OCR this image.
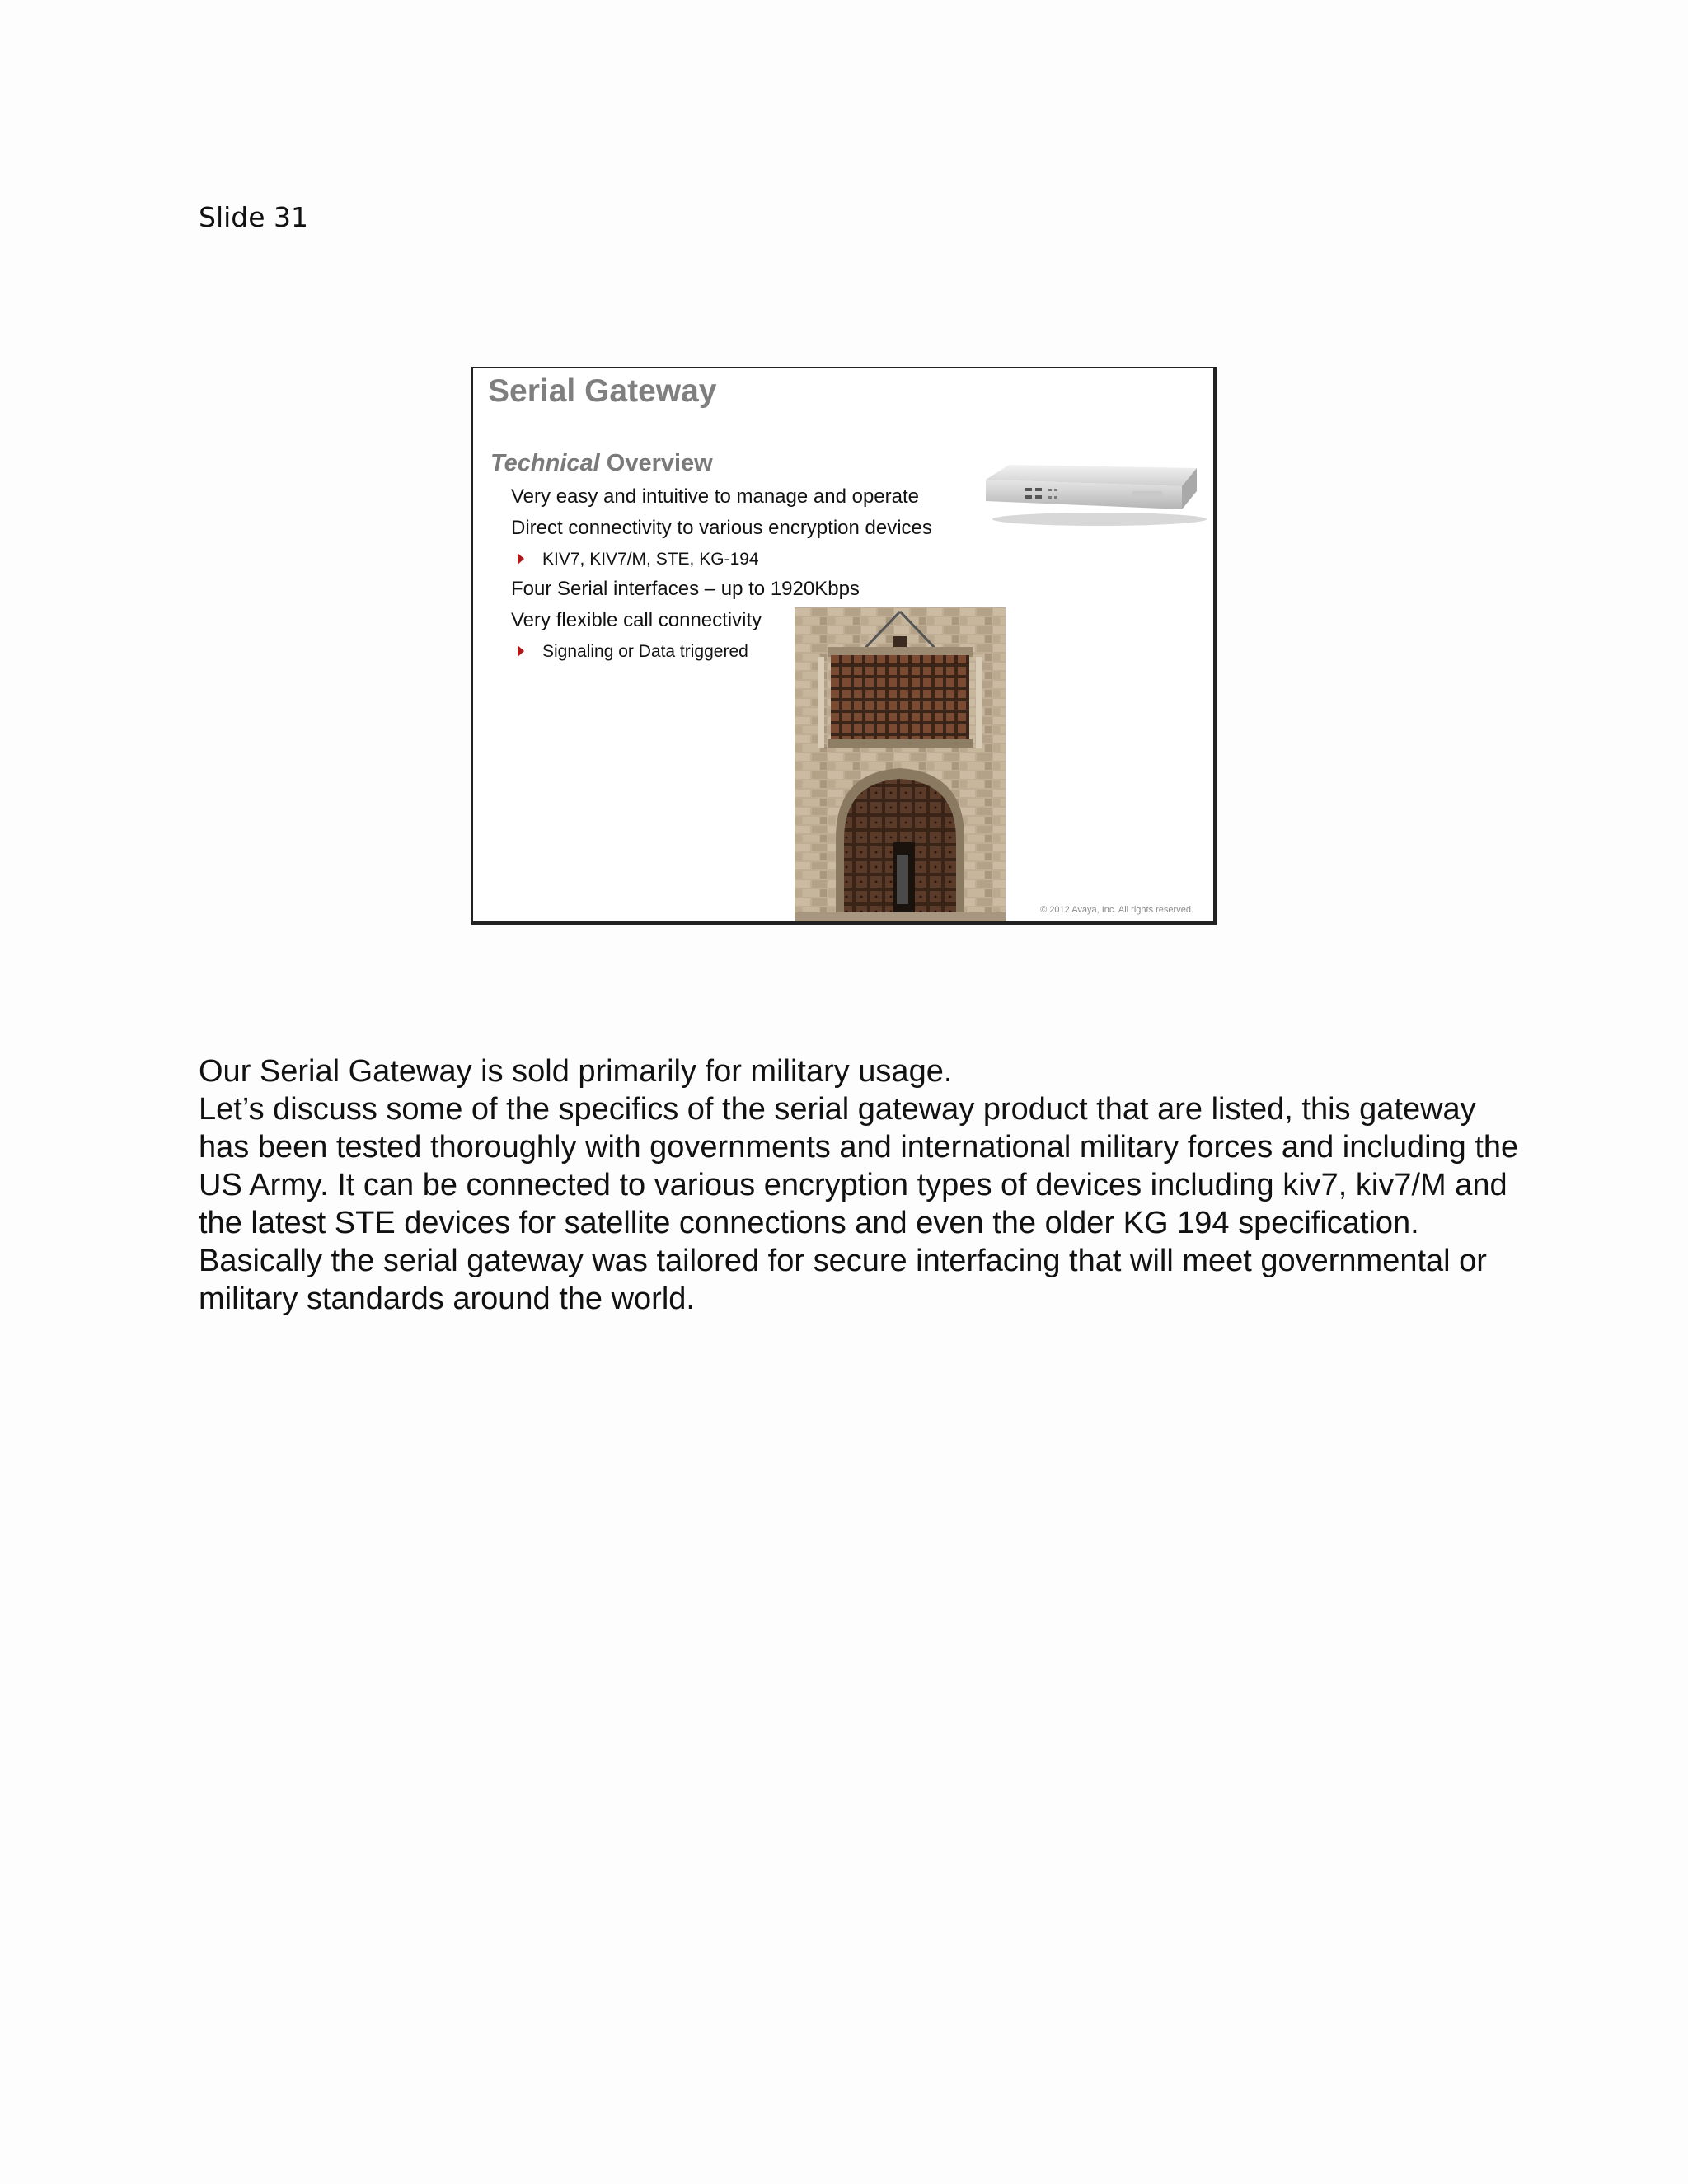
Slide 31
Serial Gateway
Technical Overview
Very easy and intuitive to manage and operate
Direct connectivity to various encryption devices
KIV7, KIV7/M, STE, KG-194
Four Serial interfaces – up to 1920Kbps
Very flexible call connectivity
Signaling or Data triggered
© 2012 Avaya, Inc. All rights reserved.

Our Serial Gateway is sold primarily for military usage.

Let’s discuss some of the specifics of the serial gateway product that are listed, this gateway has been tested thoroughly with governments and international military forces and including the US Army. It can be connected to various encryption types of devices including kiv7, kiv7/M and the latest STE devices for satellite connections and even the older KG 194 specification. Basically the serial gateway was tailored for secure interfacing that will meet governmental or military standards around the world.
